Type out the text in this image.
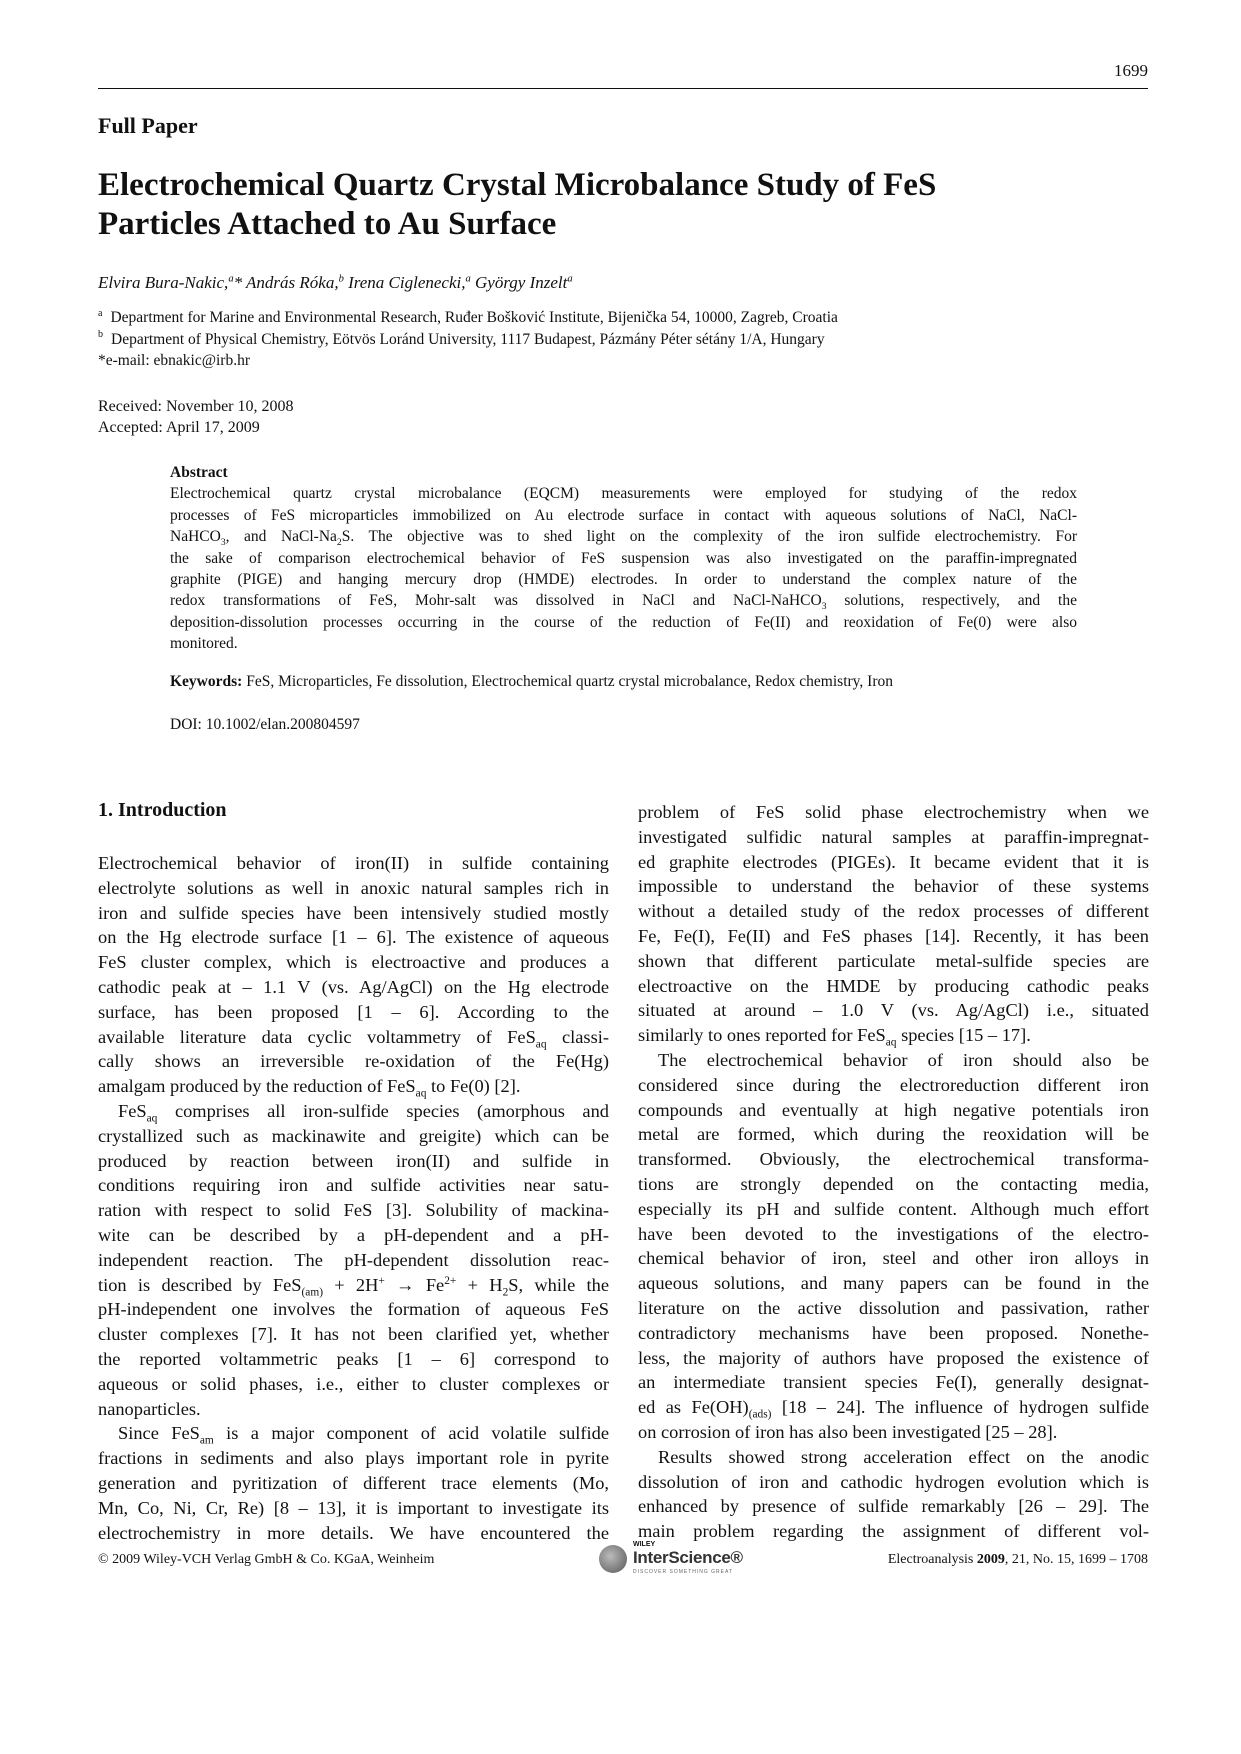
1699
Full Paper
Electrochemical Quartz Crystal Microbalance Study of FeS
Particles Attached to Au Surface
Elvira Bura-Nakic,$^a$* András Róka,$^b$ Irena Ciglenecki,$^a$ György Inzelt$^a$
$^a$ Department for Marine and Environmental Research, Ruđer Bošković Institute, Bijenička 54, 10000, Zagreb, Croatia
$^b$ Department of Physical Chemistry, Eötvös Loránd University, 1117 Budapest, Pázmány Péter sétány 1/A, Hungary
*e-mail: ebnakic@irb.hr
Received: November 10, 2008
Accepted: April 17, 2009
Abstract
Electrochemical quartz crystal microbalance (EQCM) measurements were employed for studying of the redox
processes of FeS microparticles immobilized on Au electrode surface in contact with aqueous solutions of NaCl, NaCl-
NaHCO$_3$, and NaCl-$Na_2S$. The objective was to shed light on the complexity of the iron sulfide electrochemistry. For
the sake of comparison electrochemical behavior of FeS suspension was also investigated on the paraffin-impregnated
graphite (PIGE) and hanging mercury drop (HMDE) electrodes. In order to understand the complex nature of the
redox transformations of FeS, Mohr-salt was dissolved in NaCl and NaCl-NaHCO$_3$ solutions, respectively, and the
deposition-dissolution processes occurring in the course of the reduction of Fe(II) and reoxidation of Fe(0) were also
monitored.
Keywords: FeS, Microparticles, Fe dissolution, Electrochemical quartz crystal microbalance, Redox chemistry, Iron
DOI: 10.1002/elan.200804597
1. Introduction
Electrochemical behavior of iron(II) in sulfide containing
electrolyte solutions as well in anoxic natural samples rich in
iron and sulfide species have been intensively studied mostly
on the Hg electrode surface [1 – 6]. The existence of aqueous
FeS cluster complex, which is electroactive and produces a
cathodic peak at – 1.1 V (vs. Ag/AgCl) on the Hg electrode
surface, has been proposed [1 – 6]. According to the
available literature data cyclic voltammetry of FeS$_{aq}$ classi-
cally shows an irreversible re-oxidation of the Fe(Hg)
amalgam produced by the reduction of FeS$_{aq}$ to Fe(0) [2].
FeS$_{aq}$ comprises all iron-sulfide species (amorphous and
crystallized such as mackinawite and greigite) which can be
produced by reaction between iron(II) and sulfide in
conditions requiring iron and sulfide activities near satu-
ration with respect to solid FeS [3]. Solubility of mackina-
wite can be described by a pH-dependent and a pH-
independent reaction. The pH-dependent dissolution reac-
tion is described by $FeS_{(am)} + 2H^+ \to Fe^{2+} + H_2S$, while the
pH-independent one involves the formation of aqueous FeS
cluster complexes [7]. It has not been clarified yet, whether
the reported voltammetric peaks [1 – 6] correspond to
aqueous or solid phases, i.e., either to cluster complexes or
nanoparticles.
Since FeS$_{am}$ is a major component of acid volatile sulfide
fractions in sediments and also plays important role in pyrite
generation and pyritization of different trace elements (Mo,
Mn, Co, Ni, Cr, Re) [8 – 13], it is important to investigate its
electrochemistry in more details. We have encountered the
problem of FeS solid phase electrochemistry when we
investigated sulfidic natural samples at paraffin-impregnat-
ed graphite electrodes (PIGEs). It became evident that it is
impossible to understand the behavior of these systems
without a detailed study of the redox processes of different
Fe, Fe(I), Fe(II) and FeS phases [14]. Recently, it has been
shown that different particulate metal-sulfide species are
electroactive on the HMDE by producing cathodic peaks
situated at around – 1.0 V (vs. Ag/AgCl) i.e., situated
similarly to ones reported for FeS$_{aq}$ species [15 – 17].
The electrochemical behavior of iron should also be
considered since during the electroreduction different iron
compounds and eventually at high negative potentials iron
metal are formed, which during the reoxidation will be
transformed. Obviously, the electrochemical transforma-
tions are strongly depended on the contacting media,
especially its pH and sulfide content. Although much effort
have been devoted to the investigations of the electro-
chemical behavior of iron, steel and other iron alloys in
aqueous solutions, and many papers can be found in the
literature on the active dissolution and passivation, rather
contradictory mechanisms have been proposed. Nonethe-
less, the majority of authors have proposed the existence of
an intermediate transient species Fe(I), generally designat-
ed as $Fe(OH)_{(ads)}$ [18 – 24]. The influence of hydrogen sulfide
on corrosion of iron has also been investigated [25 – 28].
Results showed strong acceleration effect on the anodic
dissolution of iron and cathodic hydrogen evolution which is
enhanced by presence of sulfide remarkably [26 – 29]. The
main problem regarding the assignment of different vol-
© 2009 Wiley-VCH Verlag GmbH & Co. KGaA, Weinheim
WILEY
InterScience®
DISCOVER SOMETHING GREAT
Electroanalysis 2009, 21, No. 15, 1699 – 1708
